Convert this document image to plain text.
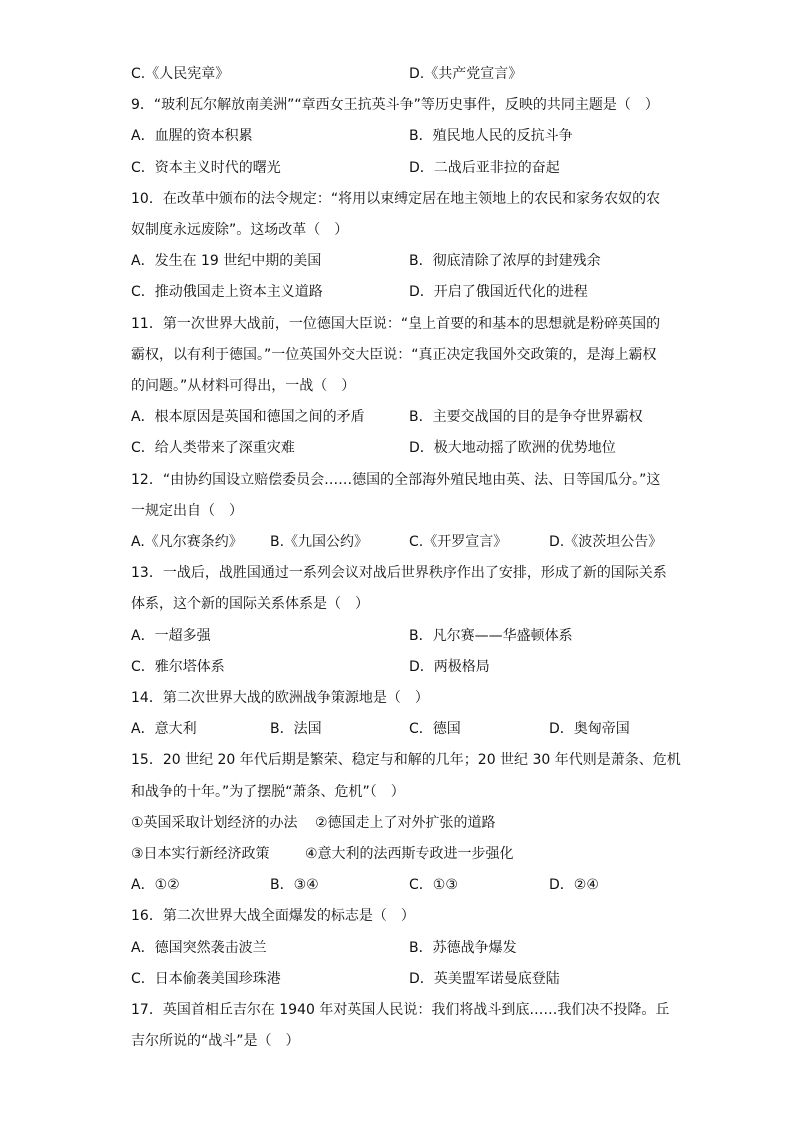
C.《人民宪章》	D.《共产党宣言》
9．“玻利瓦尔解放南美洲”“章西女王抗英斗争”等历史事件，反映的共同主题是（　）
A．血腥的资本积累	B．殖民地人民的反抗斗争
C．资本主义时代的曙光	D．二战后亚非拉的奋起
10．在改革中颁布的法令规定：“将用以束缚定居在地主领地上的农民和家务农奴的农
奴制度永远废除”。这场改革（　）
A．发生在 19 世纪中期的美国	B．彻底清除了浓厚的封建残余
C．推动俄国走上资本主义道路	D．开启了俄国近代化的进程
11．第一次世界大战前，一位德国大臣说：“皇上首要的和基本的思想就是粉碎英国的
霸权，以有利于德国。”一位英国外交大臣说：“真正决定我国外交政策的，是海上霸权
的问题。”从材料可得出，一战（　）
A．根本原因是英国和德国之间的矛盾	B．主要交战国的目的是争夺世界霸权
C．给人类带来了深重灾难	D．极大地动摇了欧洲的优势地位
12．“由协约国设立赔偿委员会……德国的全部海外殖民地由英、法、日等国瓜分。”这
一规定出自（　）
A.《凡尔赛条约》 B.《九国公约》	C.《开罗宣言》	D.《波茨坦公告》
13．一战后，战胜国通过一系列会议对战后世界秩序作出了安排，形成了新的国际关系
体系，这个新的国际关系体系是（　）
A．一超多强	B．凡尔赛——华盛顿体系
C．雅尔塔体系	D．两极格局
14．第二次世界大战的欧洲战争策源地是（　）
A．意大利	B．法国	C．德国	D．奥匈帝国
15．20 世纪 20 年代后期是繁荣、稳定与和解的几年；20 世纪 30 年代则是萧条、危机
和战争的十年。”为了摆脱“萧条、危机”（　）
①英国采取计划经济的办法 ②德国走上了对外扩张的道路
③日本实行新经济政策	④意大利的法西斯专政进一步强化
A．①②	B．③④	C．①③	D．②④
16．第二次世界大战全面爆发的标志是（　）
A．德国突然袭击波兰	B．苏德战争爆发
C．日本偷袭美国珍珠港	D．英美盟军诺曼底登陆
17．英国首相丘吉尔在 1940 年对英国人民说：我们将战斗到底……我们决不投降。丘
吉尔所说的“战斗”是（　）
